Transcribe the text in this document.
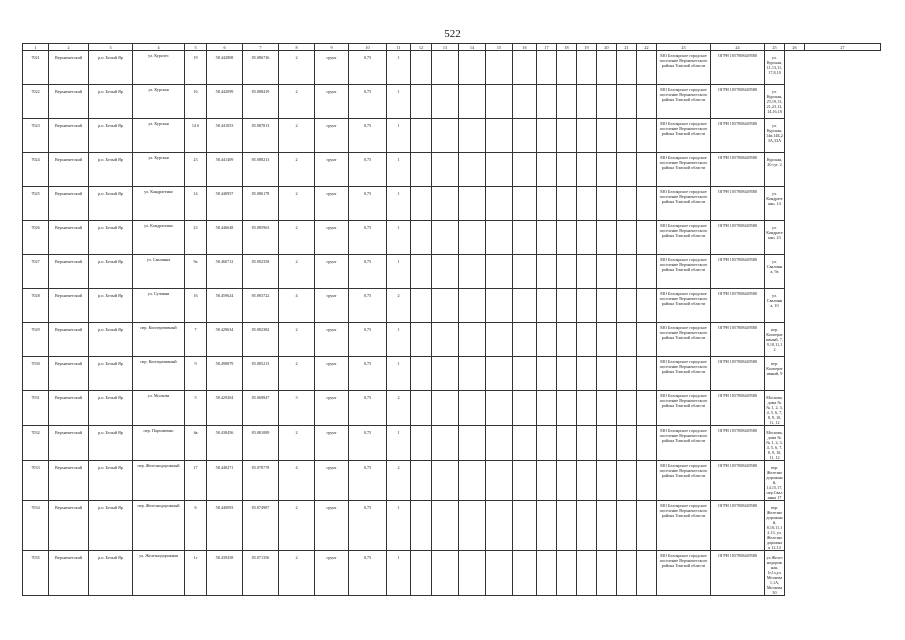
522
1	2	3	4	5	6	7	8	9	10	11	12	13	14	15	16	17	18	19	20	21	22	23	24	25	26	27
7021	Верхнекетский	р.п. Белый Яр	ул. Куролес	19	58.442808	85.086736	2	грунт	0,75	1												МО Белоярское городское поселение Верхнекетского района Томской области	ОГРН 1057008449580	ул. Курская, 11,13,11,17,8,10		
7022	Верхнекетский	р.п. Белый Яр	ул. Курская	16	58.442099	85.088419	2	грунт	0,75	1												МО Белоярское городское поселение Верхнекетского района Томской области	ОГРН 1057008449580	ул. Курская, 2Т,19,13,21,23,12,14,16,18		
7023	Верхнекетский	р.п. Белый Яр	ул. Курская	14 б	58.441053	85.087813	2	грунт	0,75	1												МО Белоярское городское поселение Верхнекетского района Томской области	ОГРН 1057008449580	ул. Курская, 14в,14Б,23А,33А		
7024	Верхнекетский	р.п. Белый Яр	ул. Курская	23	58.441409	85.088213	2	грунт	0,75	1												МО Белоярское городское поселение Верхнекетского района Томской области	ОГРН 1057008449580	Курская, 20 гуг. 2		
7025	Верхнекетский	р.п. Белый Яр	ул. Кандратенко	14	58.440957	85.086178	2	грунт	0,75	1												МО Белоярское городское поселение Верхнекетского района Томской области	ОГРН 1057008449580	ул. Кондратенко, 14		
7026	Верхнекетский	р.п. Белый Яр	ул. Кондратенко	23	58.446648	85.085963	2	грунт	0,75	1												МО Белоярское городское поселение Верхнекетского района Томской области	ОГРН 1057008449580	ул. Кандратенко, 23		
7027	Верхнекетский	р.п. Белый Яр	ул. Свалинна	9а	58.460712	85.092358	2	грунт	0,75	1												МО Белоярское городское поселение Верхнекетского района Томской области	ОГРН 1057008449580	ул. Свалинна, 9а		
7028	Верхнекетский	р.п. Белый Яр	ул. Суливни	16	58.459624	85.083722	4	грунт	0,75	2												МО Белоярское городское поселение Верхнекетского района Томской области	ОГРН 1057008449580	ул. Свалинна, 10		
7029	Верхнекетский	р.п. Белый Яр	пер. Кооперативный	7	58.429634	85.082382	2	грунт	0,75	1												МО Белоярское городское поселение Верхнекетского района Томской области	ОГРН 1057008449580	пер. Кооперативный, 7, 9,10,11,12		
7030	Верхнекетский	р.п. Белый Яр	пер. Кооперативный	9	58.498879	85.085213	2	грунт	0,75	1												МО Белоярское городское поселение Верхнекетского района Томской области	ОГРН 1057008449580	пер. Кооперативный, 9		
7031	Верхнекетский	р.п. Белый Яр	ул. Москова	5	58.429204	85.069847	3	грунт	0,75	2												МО Белоярское городское поселение Верхнекетского района Томской области	ОГРН 1057008449580	Москова, дома №№ 1, 2, 3, 4, 5, 6, 7, 8, 9, 10, 11, 12		
7032	Верхнекетский	р.п. Белый Яр	пер. Пархоменко	4в	58.438456	85.081089	2	грунт	0,75	1												МО Белоярское городское поселение Верхнекетского района Томской области	ОГРН 1057008449580	Москова, дома №№ 1, 2, 3, 4, 5, 6, 7, 8, 9, 10, 11, 12		
7033	Верхнекетский	р.п. Белый Яр	пер. Железнодорожный	17	58.448271	85.078778	4	грунт	0,75	2												МО Белоярское городское поселение Верхнекетского района Томской области	ОГРН 1057008449580	пер. Железнодорожный, 14,15,17, пер.Свалинна 17		
7034	Верхнекетский	р.п. Белый Яр	пер. Железнодорожный	6	58.440093	85.074987	2	грунт	0,75	1												МО Белоярское городское поселение Верхнекетского района Томской области	ОГРН 1057008449580	пер. Железнодорожный, 8,10,11,12,13, ул. Железнодорожная 12,14		
7035	Верхнекетский	р.п. Белый Яр	ул. Железнодорожная	1г	58.439438	85.071356	2	грунт	0,75	1												МО Белоярское городское поселение Верхнекетского района Томской области	ОГРН 1057008449580	ул.Железнодорожная, 1г,1з,ул. Москова 1,1А, Москова 30		
